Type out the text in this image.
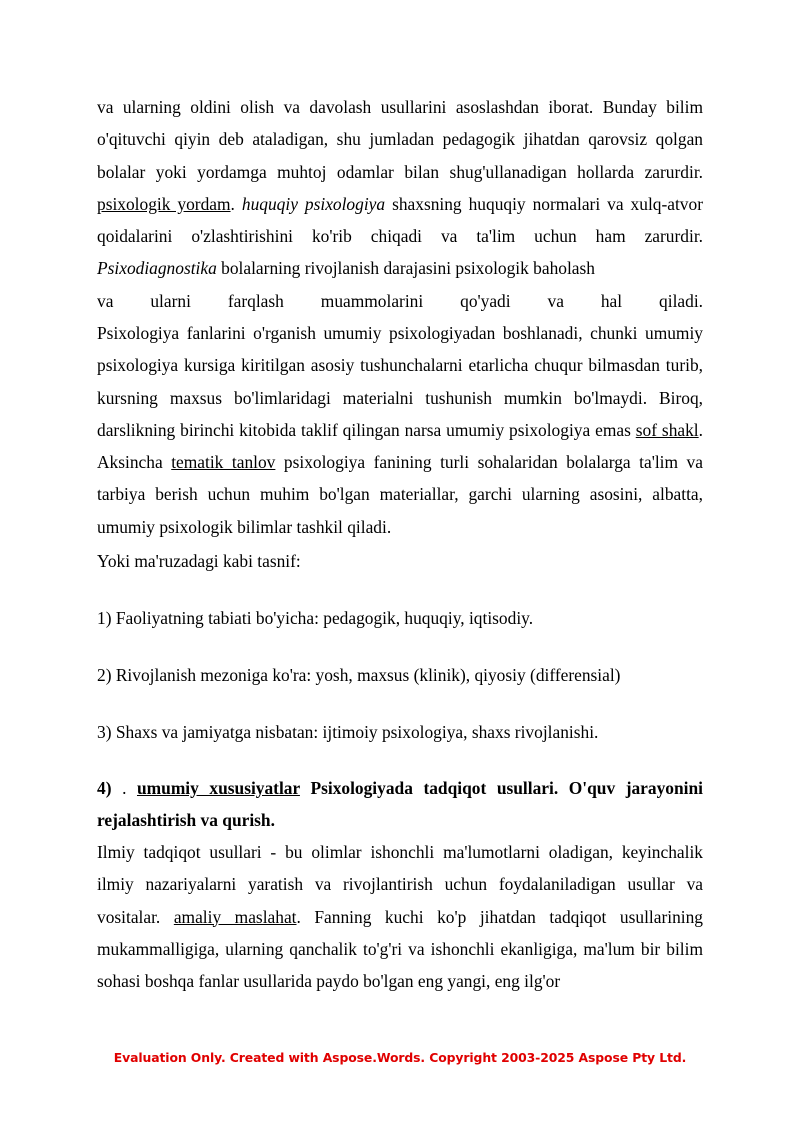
va ularning oldini olish va davolash usullarini asoslashdan iborat. Bunday bilim o'qituvchi qiyin deb ataladigan, shu jumladan pedagogik jihatdan qarovsiz qolgan bolalar yoki yordamga muhtoj odamlar bilan shug'ullanadigan hollarda zarurdir. psixologik yordam. huquqiy psixologiya shaxsning huquqiy normalari va xulq-atvor qoidalarini o'zlashtirishini ko'rib chiqadi va ta'lim uchun ham zarurdir. Psixodiagnostika bolalarning rivojlanish darajasini psixologik baholash
va ularni farqlash muammolarini qo'yadi va hal qiladi.
Psixologiya fanlarini o'rganish umumiy psixologiyadan boshlanadi, chunki umumiy psixologiya kursiga kiritilgan asosiy tushunchalarni etarlicha chuqur bilmasdan turib, kursning maxsus bo'limlaridagi materialni tushunish mumkin bo'lmaydi. Biroq, darslikning birinchi kitobida taklif qilingan narsa umumiy psixologiya emas sof shakl. Aksincha tematik tanlov psixologiya fanining turli sohalaridan bolalarga ta'lim va tarbiya berish uchun muhim bo'lgan materiallar, garchi ularning asosini, albatta, umumiy psixologik bilimlar tashkil qiladi.
Yoki ma'ruzadagi kabi tasnif:
1) Faoliyatning tabiati bo'yicha: pedagogik, huquqiy, iqtisodiy.
2) Rivojlanish mezoniga ko'ra: yosh, maxsus (klinik), qiyosiy (differensial)
3) Shaxs va jamiyatga nisbatan: ijtimoiy psixologiya, shaxs rivojlanishi.
4) . umumiy xususiyatlar Psixologiyada tadqiqot usullari. O'quv jarayonini rejalashtirish va qurish.
Ilmiy tadqiqot usullari - bu olimlar ishonchli ma'lumotlarni oladigan, keyinchalik ilmiy nazariyalarni yaratish va rivojlantirish uchun foydalaniladigan usullar va vositalar. amaliy maslahat. Fanning kuchi ko'p jihatdan tadqiqot usullarining mukammalligiga, ularning qanchalik to'g'ri va ishonchli ekanligiga, ma'lum bir bilim sohasi boshqa fanlar usullarida paydo bo'lgan eng yangi, eng ilg'or
Evaluation Only. Created with Aspose.Words. Copyright 2003-2025 Aspose Pty Ltd.
